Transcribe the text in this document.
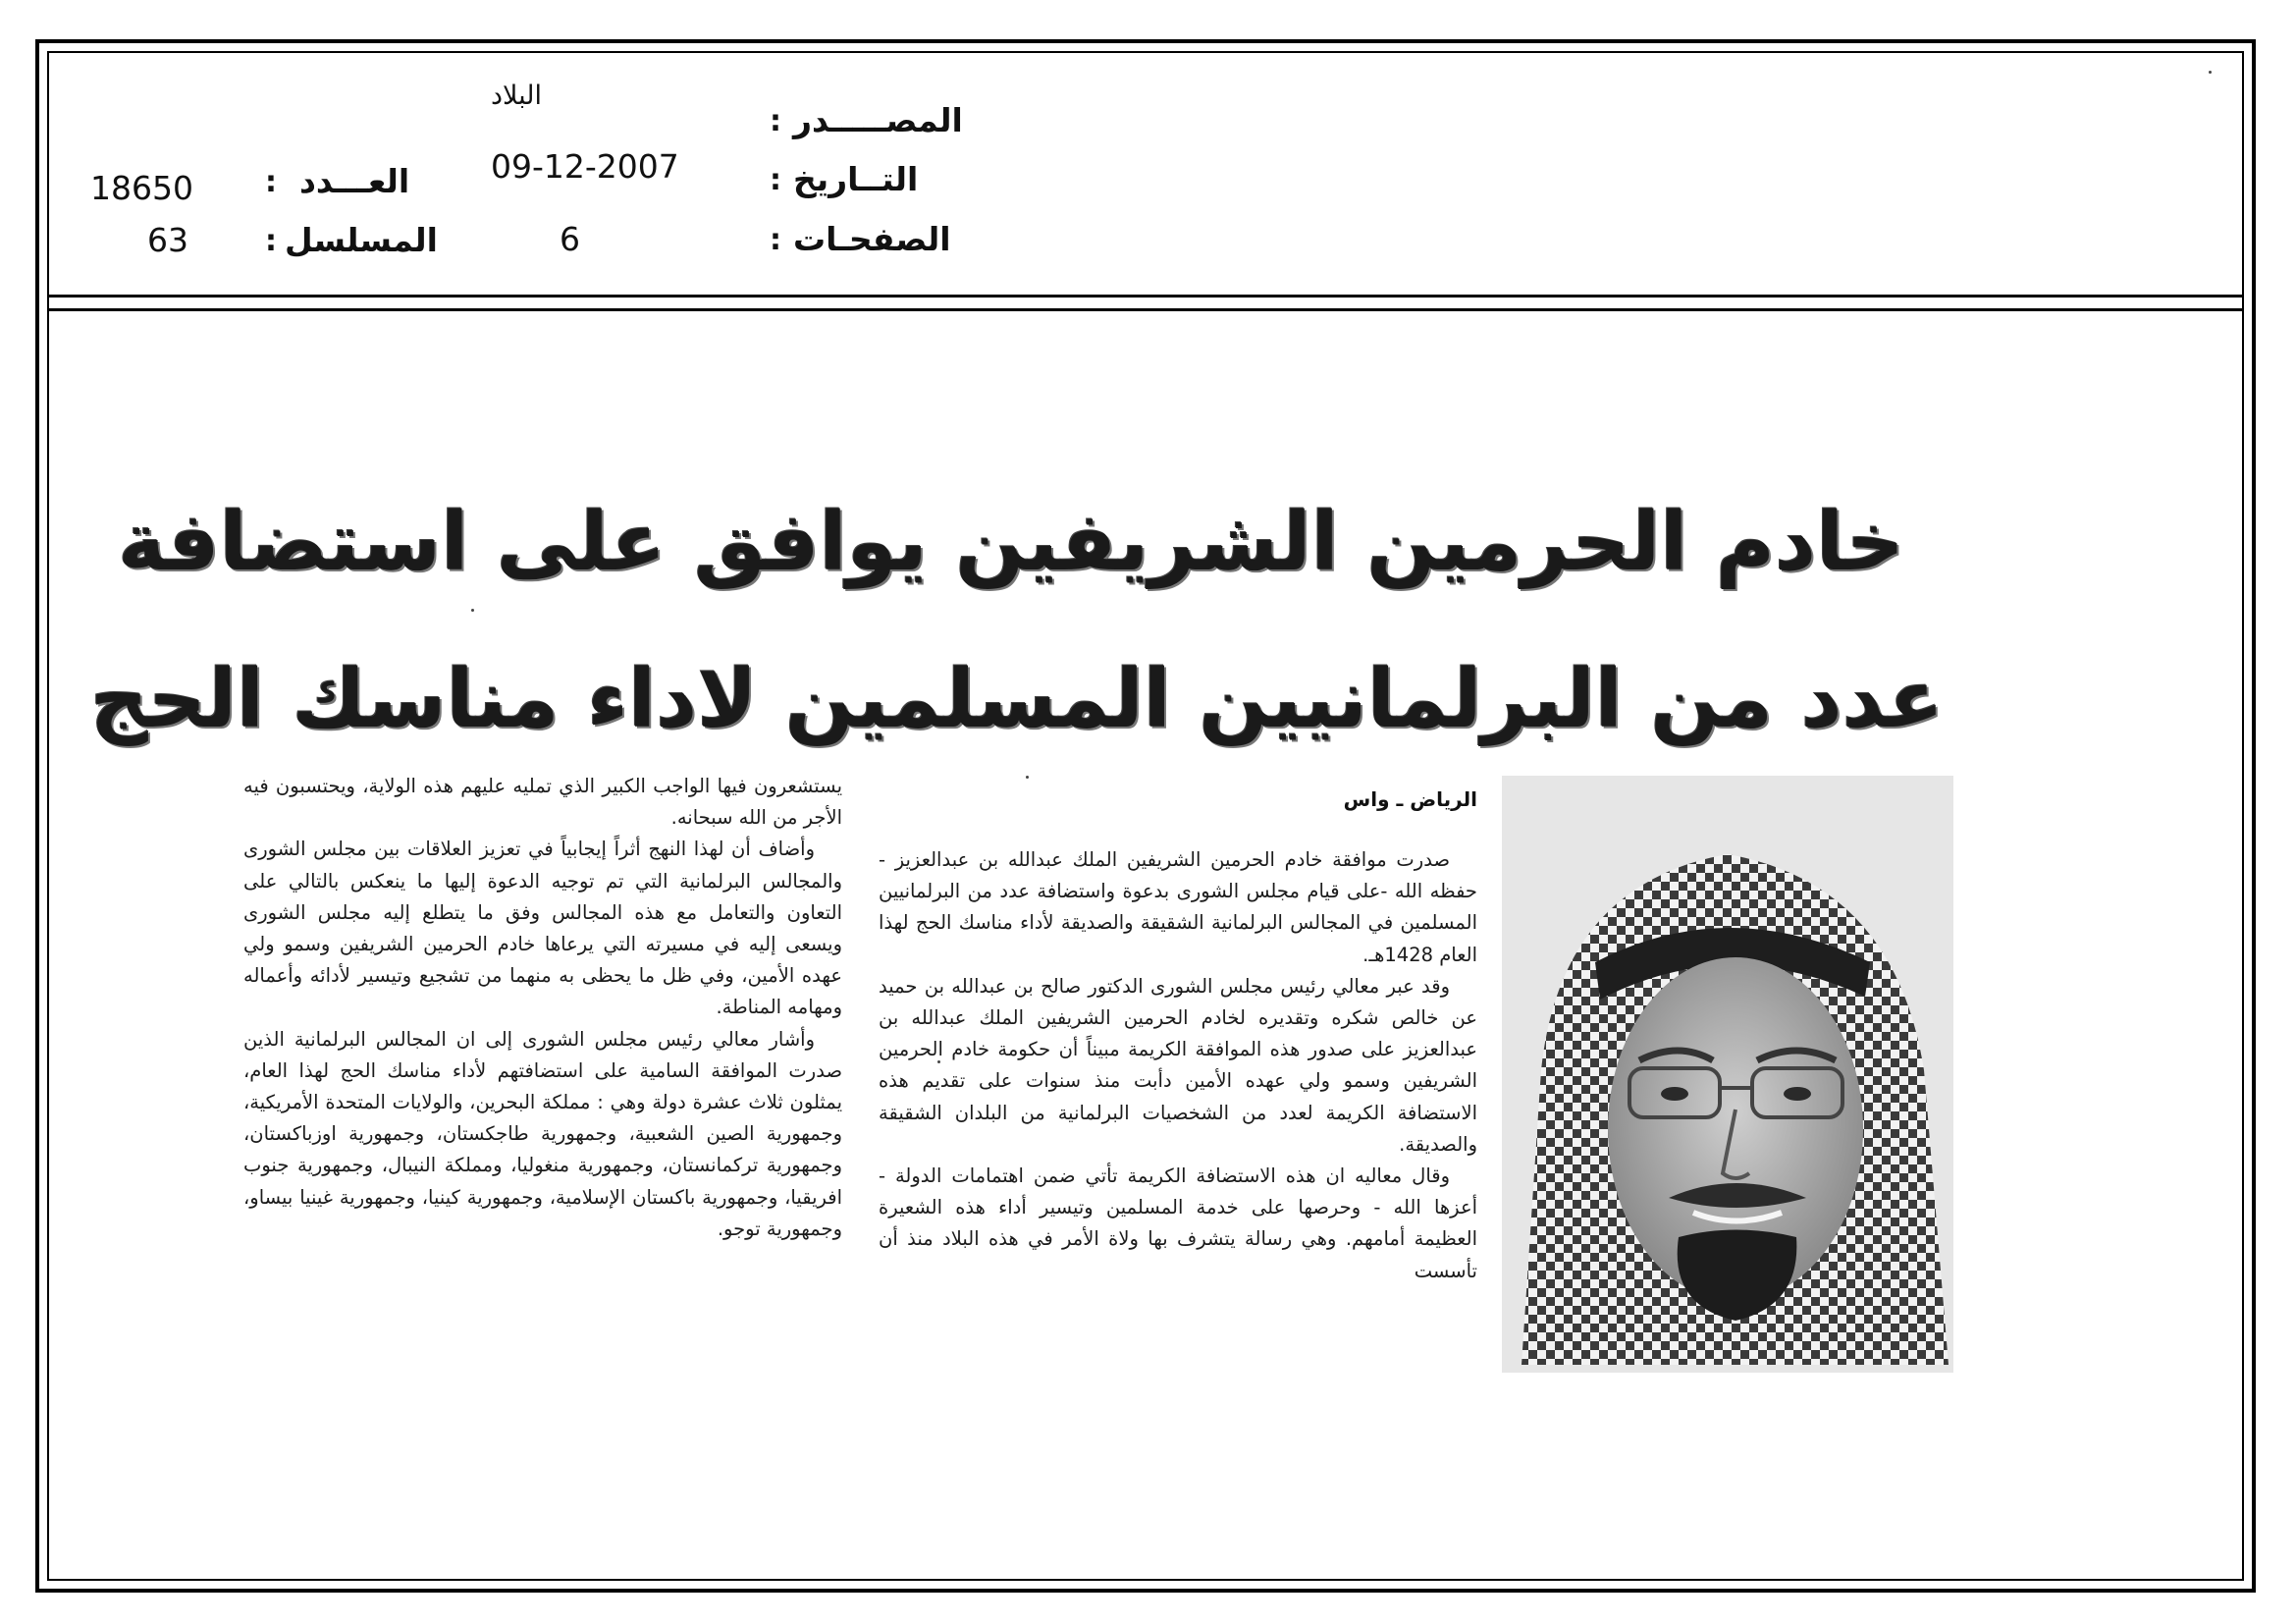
المصـــــدر
:
البلاد
التــاريخ
:
09-12-2007
الصفحـات
:
6
العـــدد
:
18650
المسلسل
:
63
خادم الحرمين الشريفين يوافق على استضافة
عدد من البرلمانيين المسلمين لاداء مناسك الحج
الرياض ـ واس

صدرت موافقة خادم الحرمين الشريفين الملك عبدالله بن عبدالعزيز - حفظه الله -على قيام مجلس الشورى بدعوة واستضافة عدد من البرلمانيين المسلمين في المجالس البرلمانية الشقيقة والصديقة لأداء مناسك الحج لهذا العام 1428هـ.

وقد عبر معالي رئيس مجلس الشورى الدكتور صالح بن عبدالله بن حميد عن خالص شكره وتقديره لخادم الحرمين الشريفين الملك عبدالله بن عبدالعزيز على صدور هذه الموافقة الكريمة مبيناً أن حكومة خادم الحرمين الشريفين وسمو ولي عهده الأمين دأبت منذ سنوات على تقديم هذه الاستضافة الكريمة لعدد من الشخصيات البرلمانية من البلدان الشقيقة والصديقة.

وقال معاليه ان هذه الاستضافة الكريمة تأتي ضمن اهتمامات الدولة - أعزها الله - وحرصها على خدمة المسلمين وتيسير أداء هذه الشعيرة العظيمة أمامهم. وهي رسالة يتشرف بها ولاة الأمر في هذه البلاد منذ أن تأسست

يستشعرون فيها الواجب الكبير الذي تمليه عليهم هذه الولاية، ويحتسبون فيه الأجر من الله سبحانه.

وأضاف أن لهذا النهج أثراً إيجابياً في تعزيز العلاقات بين مجلس الشورى والمجالس البرلمانية التي تم توجيه الدعوة إليها ما ينعكس بالتالي على التعاون والتعامل مع هذه المجالس وفق ما يتطلع إليه مجلس الشورى ويسعى إليه في مسيرته التي يرعاها خادم الحرمين الشريفين وسمو ولي عهده الأمين، وفي ظل ما يحظى به منهما من تشجيع وتيسير لأدائه وأعماله ومهامه المناطة.

وأشار معالي رئيس مجلس الشورى إلى ان المجالس البرلمانية الذين صدرت الموافقة السامية على استضافتهم لأداء مناسك الحج لهذا العام، يمثلون ثلاث عشرة دولة وهي : مملكة البحرين، والولايات المتحدة الأمريكية، وجمهورية الصين الشعبية، وجمهورية طاجكستان، وجمهورية اوزباكستان، وجمهورية تركمانستان، وجمهورية منغوليا، ومملكة النيبال، وجمهورية جنوب افريقيا، وجمهورية باكستان الإسلامية، وجمهورية كينيا، وجمهورية غينيا بيساو، وجمهورية توجو.
